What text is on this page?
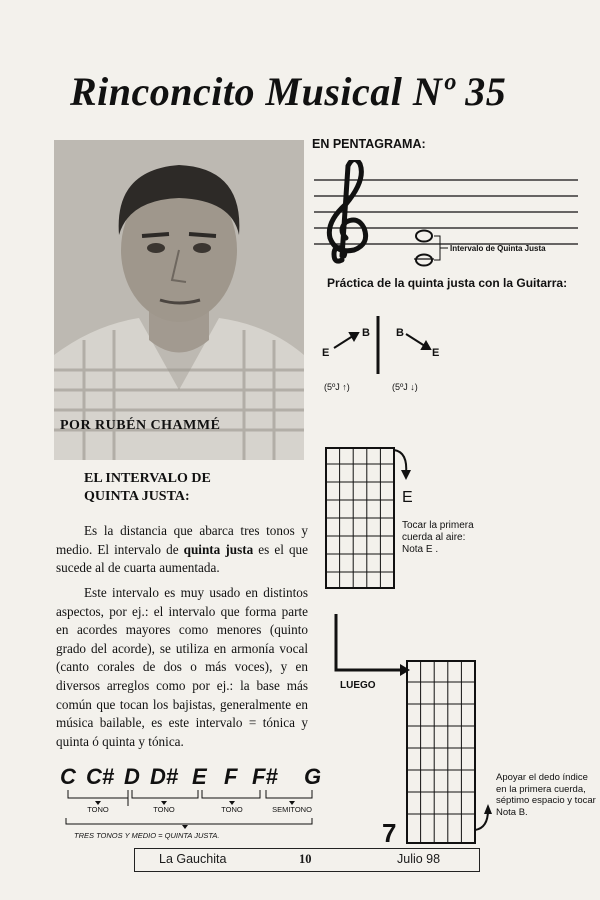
Rinconcito Musical Nº 35
POR RUBÉN CHAMMÉ
EL INTERVALO DE
QUINTA JUSTA:

Es la distancia que abarca tres tonos y medio. El intervalo de quinta justa es el que sucede al de cuarta aumentada.

Este intervalo es muy usado en distintos aspectos, por ej.: el intervalo que forma parte en acordes mayores como menores (quinto grado del acorde), se utiliza en armonía vocal (canto corales de dos o más voces), y en diversos arreglos como por ej.: la base más común que tocan los bajistas, generalmente en música bailable, es este intervalo = tónica y quinta ó quinta y tónica.

C C# D D# E F F# G
TONO	TONO	TONO	SEMITONO
TRES TONOS Y MEDIO = QUINTA JUSTA.
EN PENTAGRAMA:
Intervalo de Quinta Justa
Práctica de la quinta justa con la Guitarra:
E
B B
E
(5ºJ ↑)	(5ºJ ↓)
E
Tocar la primera
cuerda al aire:
Nota E .
LUEGO
7
Apoyar el dedo índice
en la primera cuerda,
séptimo espacio y tocar
Nota B.
La Gauchita	10	Julio 98
